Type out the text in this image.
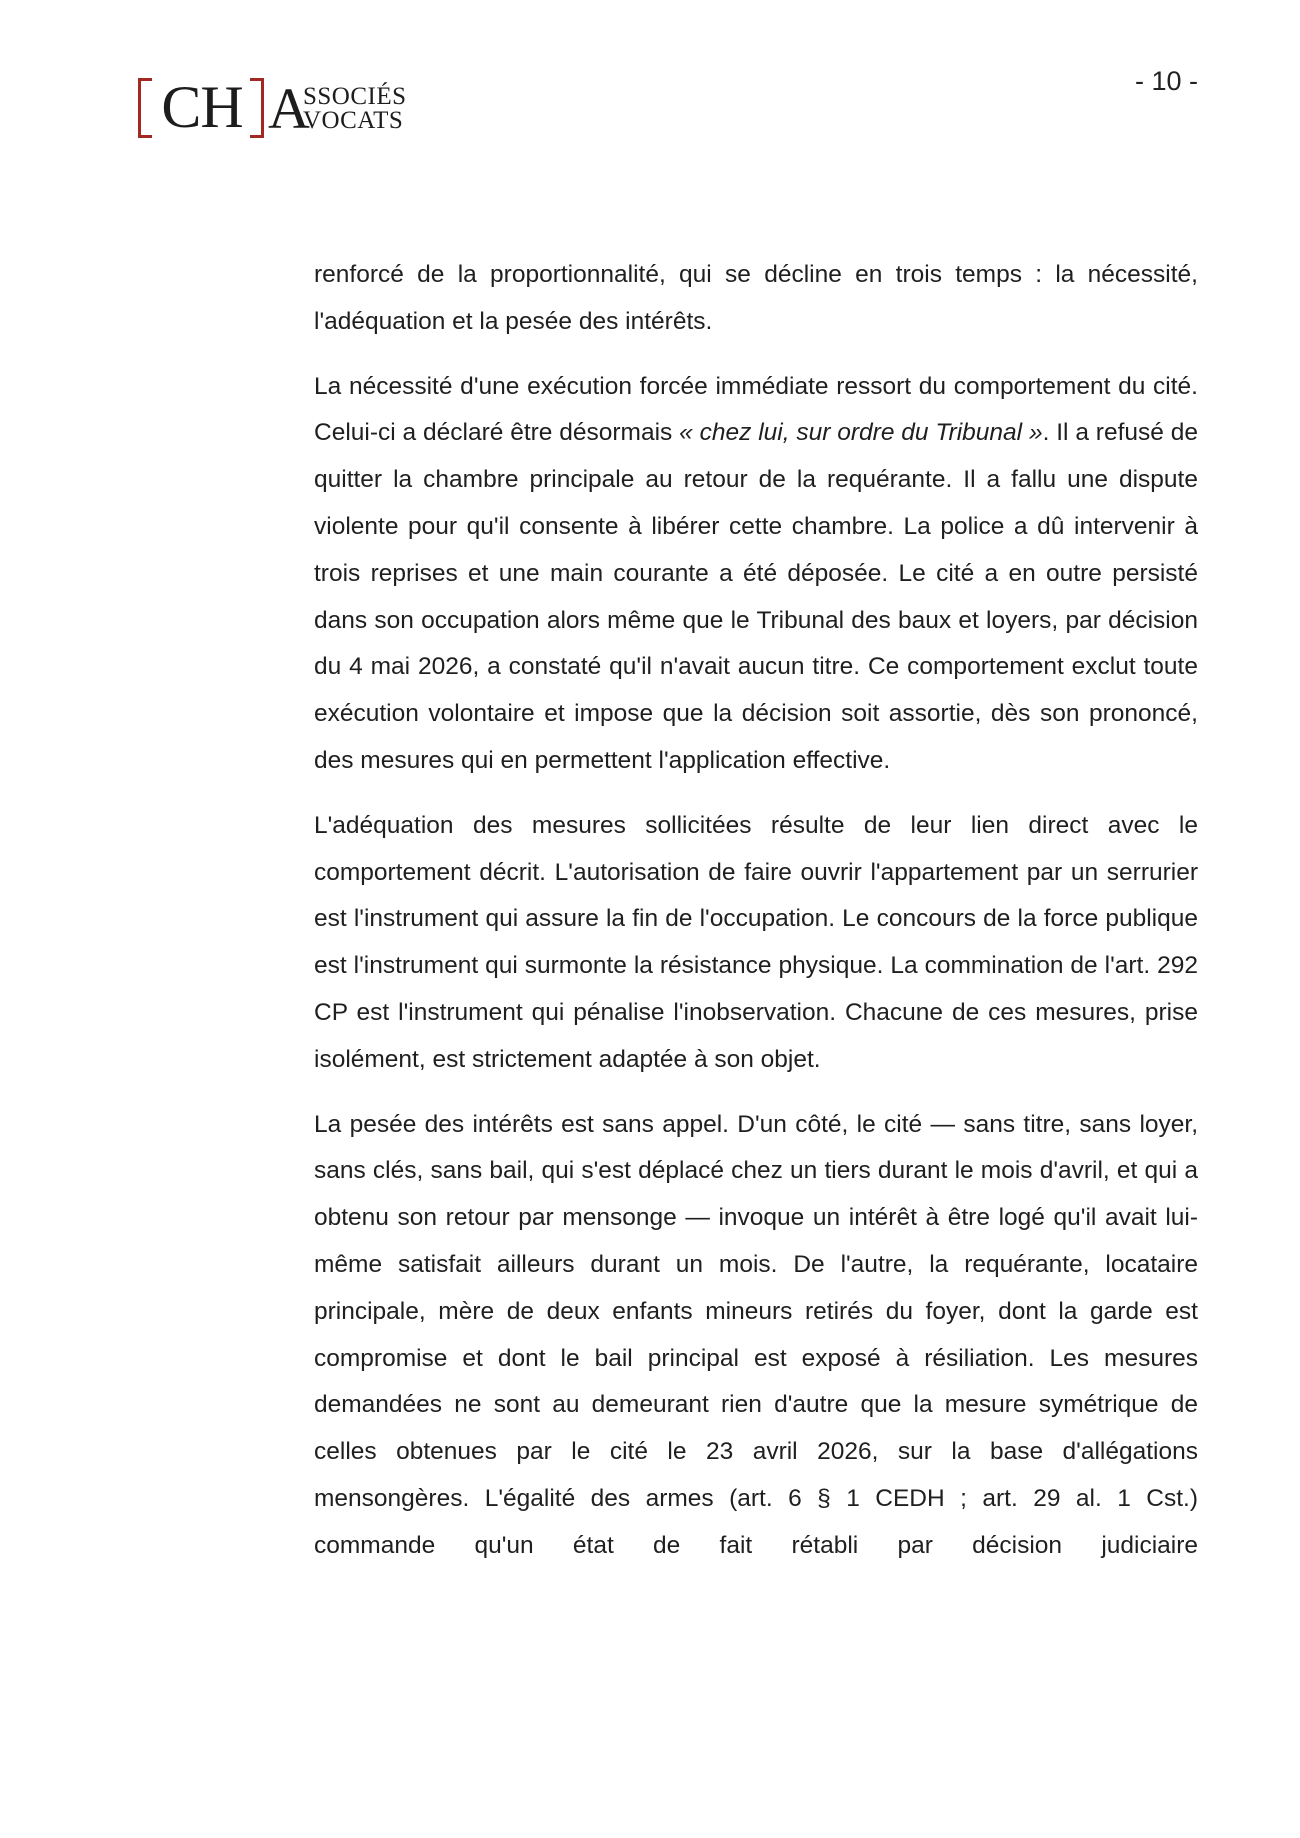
CH A
SSOCIÉS
VOCATS
- 10 -

renforcé de la proportionnalité, qui se décline en trois temps : la nécessité, l'adéquation et la pesée des intérêts.

La nécessité d'une exécution forcée immédiate ressort du comportement du cité. Celui-ci a déclaré être désormais « chez lui, sur ordre du Tribunal ». Il a refusé de quitter la chambre principale au retour de la requérante. Il a fallu une dispute violente pour qu'il consente à libérer cette chambre. La police a dû intervenir à trois reprises et une main courante a été déposée. Le cité a en outre persisté dans son occupation alors même que le Tribunal des baux et loyers, par décision du 4 mai 2026, a constaté qu'il n'avait aucun titre. Ce comportement exclut toute exécution volontaire et impose que la décision soit assortie, dès son prononcé, des mesures qui en permettent l'application effective.

L'adéquation des mesures sollicitées résulte de leur lien direct avec le comportement décrit. L'autorisation de faire ouvrir l'appartement par un serrurier est l'instrument qui assure la fin de l'occupation. Le concours de la force publique est l'instrument qui surmonte la résistance physique. La commination de l'art. 292 CP est l'instrument qui pénalise l'inobservation. Chacune de ces mesures, prise isolément, est strictement adaptée à son objet.

La pesée des intérêts est sans appel. D'un côté, le cité — sans titre, sans loyer, sans clés, sans bail, qui s'est déplacé chez un tiers durant le mois d'avril, et qui a obtenu son retour par mensonge — invoque un intérêt à être logé qu'il avait lui-même satisfait ailleurs durant un mois. De l'autre, la requérante, locataire principale, mère de deux enfants mineurs retirés du foyer, dont la garde est compromise et dont le bail principal est exposé à résiliation. Les mesures demandées ne sont au demeurant rien d'autre que la mesure symétrique de celles obtenues par le cité le 23 avril 2026, sur la base d'allégations mensongères. L'égalité des armes (art. 6 § 1 CEDH ; art. 29 al. 1 Cst.) commande qu'un état de fait rétabli par décision judiciaire
